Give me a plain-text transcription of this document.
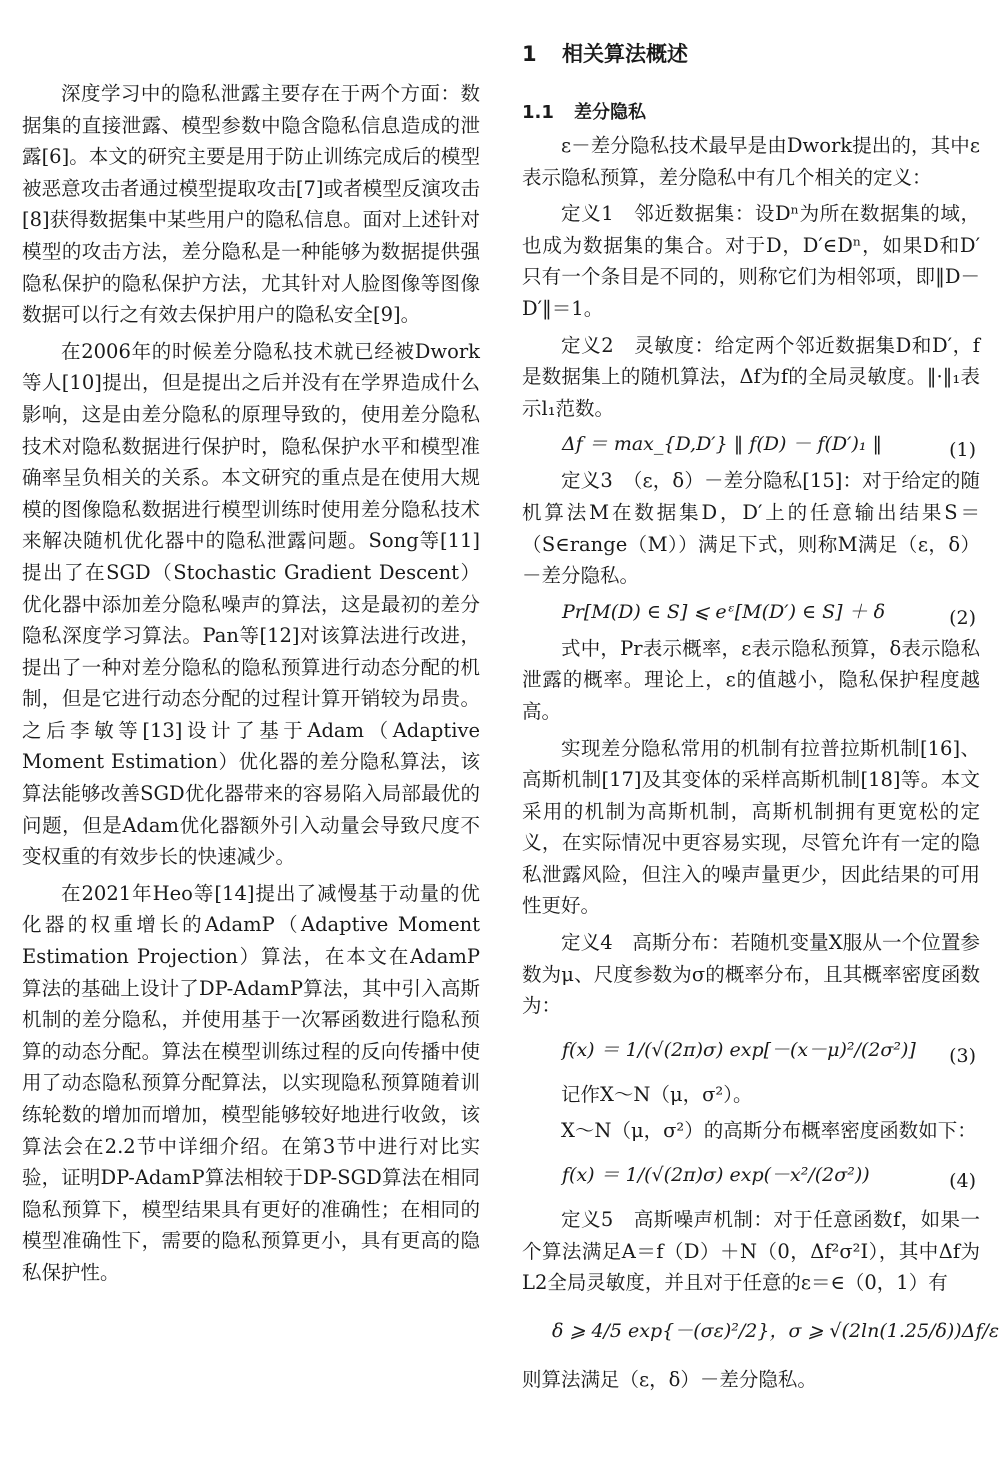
深度学习中的隐私泄露主要存在于两个方面：数据集的直接泄露、模型参数中隐含隐私信息造成的泄露[6]。本文的研究主要是用于防止训练完成后的模型被恶意攻击者通过模型提取攻击[7]或者模型反演攻击[8]获得数据集中某些用户的隐私信息。面对上述针对模型的攻击方法，差分隐私是一种能够为数据提供强隐私保护的隐私保护方法，尤其针对人脸图像等图像数据可以行之有效去保护用户的隐私安全[9]。

在2006年的时候差分隐私技术就已经被Dwork等人[10]提出，但是提出之后并没有在学界造成什么影响，这是由差分隐私的原理导致的，使用差分隐私技术对隐私数据进行保护时，隐私保护水平和模型准确率呈负相关的关系。本文研究的重点是在使用大规模的图像隐私数据进行模型训练时使用差分隐私技术来解决随机优化器中的隐私泄露问题。Song等[11]提出了在SGD（Stochastic Gradient Descent）优化器中添加差分隐私噪声的算法，这是最初的差分隐私深度学习算法。Pan等[12]对该算法进行改进，提出了一种对差分隐私的隐私预算进行动态分配的机制，但是它进行动态分配的过程计算开销较为昂贵。之后李敏等[13]设计了基于Adam（Adaptive Moment Estimation）优化器的差分隐私算法，该算法能够改善SGD优化器带来的容易陷入局部最优的问题，但是Adam优化器额外引入动量会导致尺度不变权重的有效步长的快速减少。

在2021年Heo等[14]提出了减慢基于动量的优化器的权重增长的AdamP（Adaptive Moment Estimation Projection）算法，在本文在AdamP算法的基础上设计了DP-AdamP算法，其中引入高斯机制的差分隐私，并使用基于一次幂函数进行隐私预算的动态分配。算法在模型训练过程的反向传播中使用了动态隐私预算分配算法，以实现隐私预算随着训练轮数的增加而增加，模型能够较好地进行收敛，该算法会在2.2节中详细介绍。在第3节中进行对比实验，证明DP-AdamP算法相较于DP-SGD算法在相同隐私预算下，模型结果具有更好的准确性；在相同的模型准确性下，需要的隐私预算更小，具有更高的隐私保护性。

1 相关算法概述
1.1 差分隐私

ε－差分隐私技术最早是由Dwork提出的，其中ε表示隐私预算，差分隐私中有几个相关的定义：

定义1　邻近数据集：设Dⁿ为所在数据集的域，也成为数据集的集合。对于D，D′∈Dⁿ，如果D和D′只有一个条目是不同的，则称它们为相邻项，即‖D－D′‖＝1。

定义2　灵敏度：给定两个邻近数据集D和D′，f是数据集上的随机算法，Δf为f的全局灵敏度。‖·‖₁表示l₁范数。

Δf ＝ max_{D,D′} ‖ f(D) － f(D′)₁ ‖	(1)

定义3　（ε，δ）－差分隐私[15]：对于给定的随机算法M在数据集D，D′上的任意输出结果S＝（S∈range（M））满足下式，则称M满足（ε，δ）－差分隐私。

Pr[M(D) ∈ S] ⩽ eᵋ[M(D′) ∈ S] ＋ δ	(2)

式中，Pr表示概率，ε表示隐私预算，δ表示隐私泄露的概率。理论上，ε的值越小，隐私保护程度越高。

实现差分隐私常用的机制有拉普拉斯机制[16]、高斯机制[17]及其变体的采样高斯机制[18]等。本文采用的机制为高斯机制，高斯机制拥有更宽松的定义，在实际情况中更容易实现，尽管允许有一定的隐私泄露风险，但注入的噪声量更少，因此结果的可用性更好。

定义4　高斯分布：若随机变量X服从一个位置参数为μ、尺度参数为σ的概率分布，且其概率密度函数为：

f(x) ＝ 1/(√(2π)σ) exp[－(x－μ)²/(2σ²)] (3)

记作X～N（μ，σ²）。

X～N（μ，σ²）的高斯分布概率密度函数如下：

f(x) ＝ 1/(√(2π)σ) exp(－x²/(2σ²))	(4)

定义5　高斯噪声机制：对于任意函数f，如果一个算法满足A＝f（D）＋N（0，Δf²σ²I），其中Δf为L2全局灵敏度，并且对于任意的ε＝∈（0，1）有

δ ⩾ 4/5 exp{－(σε)²/2}，σ ⩾ √(2ln(1.25/δ))Δf/ε

则算法满足（ε，δ）－差分隐私。
